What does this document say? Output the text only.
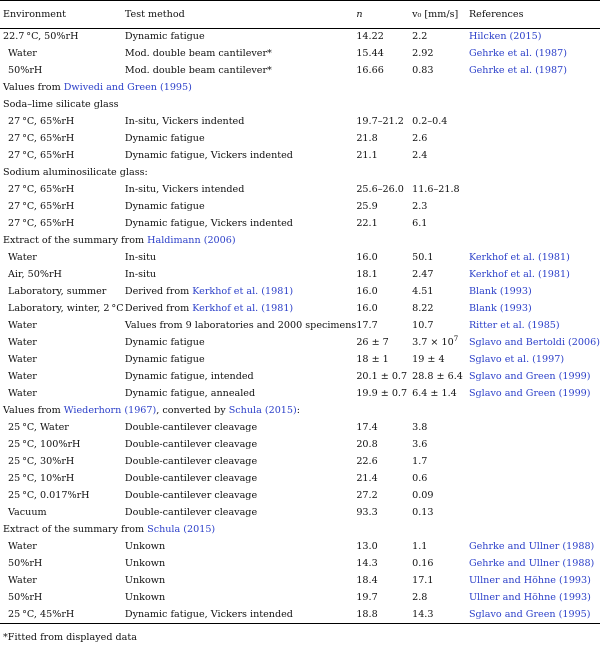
Environment	Test method	n	v₀ [mm/s]	References
22.7 °C, 50%rH	Dynamic fatigue	14.22	2.2	Hilcken (2015)
Water	Mod. double beam cantilever*	15.44	2.92	Gehrke et al. (1987)
50%rH	Mod. double beam cantilever*	16.66	0.83	Gehrke et al. (1987)
Values from Dwivedi and Green (1995)				
Soda–lime silicate glass				
27 °C, 65%rH	In-situ, Vickers indented	19.7–21.2	0.2–0.4	
27 °C, 65%rH	Dynamic fatigue	21.8	2.6	
27 °C, 65%rH	Dynamic fatigue, Vickers indented	21.1	2.4	
Sodium aluminosilicate glass:				
27 °C, 65%rH	In-situ, Vickers intended	25.6–26.0	11.6–21.8	
27 °C, 65%rH	Dynamic fatigue	25.9	2.3	
27 °C, 65%rH	Dynamic fatigue, Vickers indented	22.1	6.1	
Extract of the summary from Haldimann (2006)				
Water	In-situ	16.0	50.1	Kerkhof et al. (1981)
Air, 50%rH	In-situ	18.1	2.47	Kerkhof et al. (1981)
Laboratory, summer	Derived from Kerkhof et al. (1981)	16.0	4.51	Blank (1993)
Laboratory, winter, 2 °C	Derived from Kerkhof et al. (1981)	16.0	8.22	Blank (1993)
Water	Values from 9 laboratories and 2000 specimens	17.7	10.7	Ritter et al. (1985)
Water	Dynamic fatigue	26 ± 7	$3.7 \times 10^7$	Sglavo and Bertoldi (2006)
Water	Dynamic fatigue	18 ± 1	19 ± 4	Sglavo et al. (1997)
Water	Dynamic fatigue, intended	20.1 ± 0.7	28.8 ± 6.4	Sglavo and Green (1999)
Water	Dynamic fatigue, annealed	19.9 ± 0.7	6.4 ± 1.4	Sglavo and Green (1999)
Values from Wiederhorn (1967), converted by Schula (2015):				
25 °C, Water	Double-cantilever cleavage	17.4	3.8	
25 °C, 100%rH	Double-cantilever cleavage	20.8	3.6	
25 °C, 30%rH	Double-cantilever cleavage	22.6	1.7	
25 °C, 10%rH	Double-cantilever cleavage	21.4	0.6	
25 °C, 0.017%rH	Double-cantilever cleavage	27.2	0.09	
Vacuum	Double-cantilever cleavage	93.3	0.13	
Extract of the summary from Schula (2015)				
Water	Unkown	13.0	1.1	Gehrke and Ullner (1988)
50%rH	Unkown	14.3	0.16	Gehrke and Ullner (1988)
Water	Unkown	18.4	17.1	Ullner and Höhne (1993)
50%rH	Unkown	19.7	2.8	Ullner and Höhne (1993)
25 °C, 45%rH	Dynamic fatigue, Vickers intended	18.8	14.3	Sglavo and Green (1995)
*Fitted from displayed data
